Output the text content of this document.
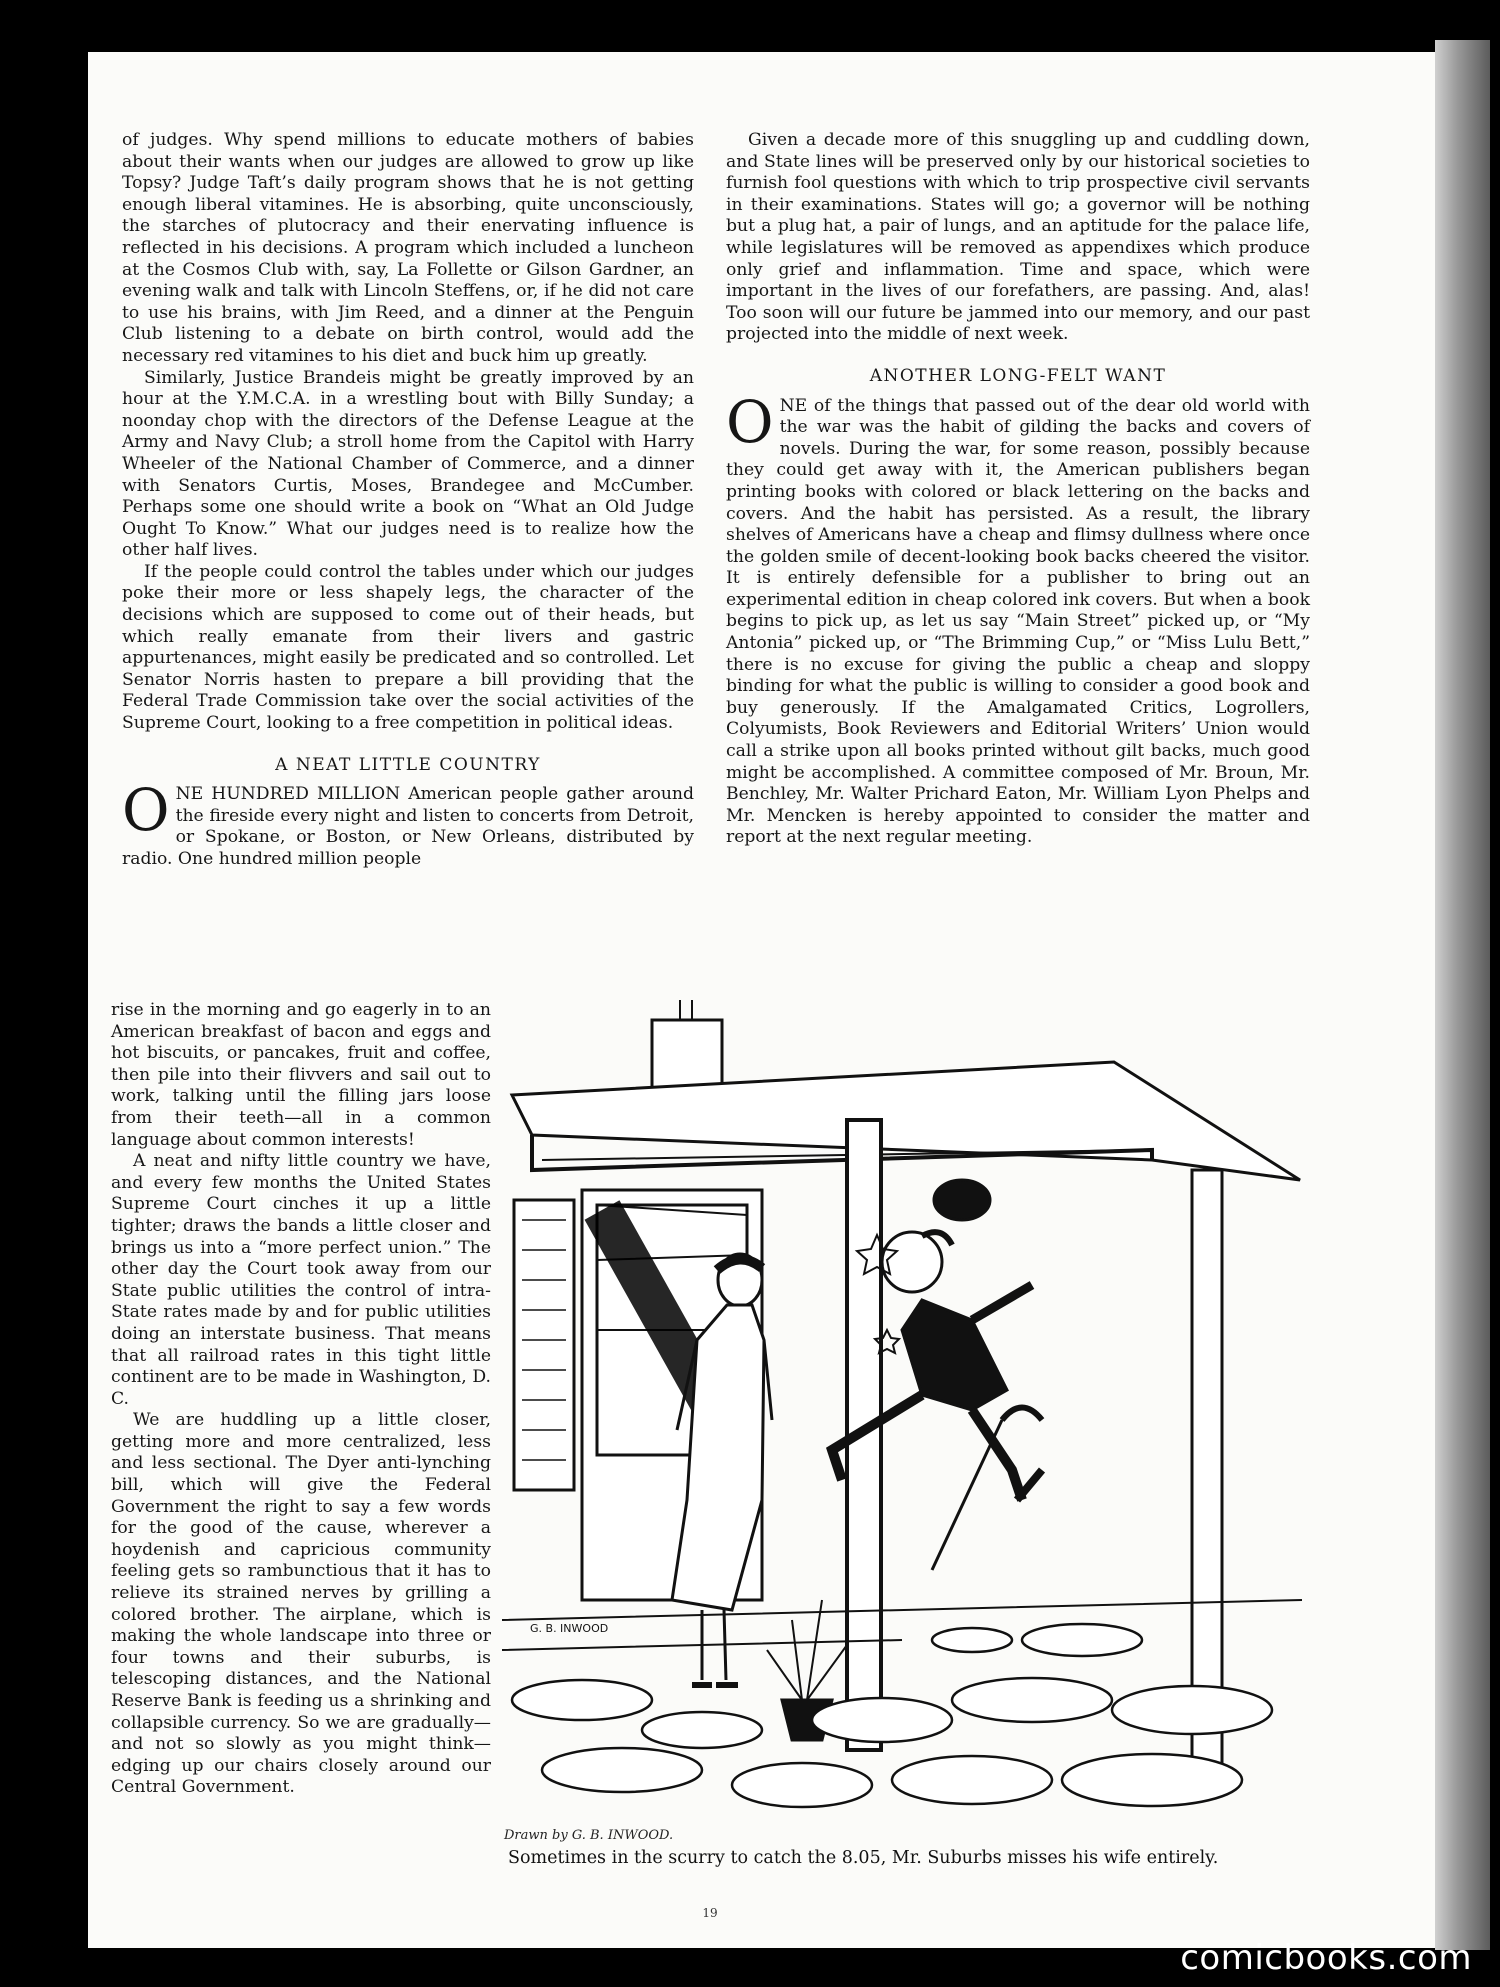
of judges. Why spend millions to educate mothers of babies about their wants when our judges are allowed to grow up like Topsy? Judge Taft’s daily program shows that he is not getting enough liberal vitamines. He is absorbing, quite unconsciously, the starches of plutocracy and their enervating influence is reflected in his decisions. A program which included a luncheon at the Cosmos Club with, say, La Follette or Gilson Gardner, an evening walk and talk with Lincoln Steffens, or, if he did not care to use his brains, with Jim Reed, and a dinner at the Penguin Club listening to a debate on birth control, would add the necessary red vitamines to his diet and buck him up greatly.

Similarly, Justice Brandeis might be greatly improved by an hour at the Y.M.C.A. in a wrestling bout with Billy Sunday; a noonday chop with the directors of the Defense League at the Army and Navy Club; a stroll home from the Capitol with Harry Wheeler of the National Chamber of Commerce, and a dinner with Senators Curtis, Moses, Brandegee and McCumber. Perhaps some one should write a book on “What an Old Judge Ought To Know.” What our judges need is to realize how the other half lives.

If the people could control the tables under which our judges poke their more or less shapely legs, the character of the decisions which are supposed to come out of their heads, but which really emanate from their livers and gastric appurtenances, might easily be predicated and so controlled. Let Senator Norris hasten to prepare a bill providing that the Federal Trade Commission take over the social activities of the Supreme Court, looking to a free competition in political ideas.

A NEAT LITTLE COUNTRY

ONE HUNDRED MILLION American people gather around the fireside every night and listen to concerts from Detroit, or Spokane, or Boston, or New Orleans, distributed by radio. One hundred million people

rise in the morning and go eagerly in to an American breakfast of bacon and eggs and hot biscuits, or pancakes, fruit and coffee, then pile into their flivvers and sail out to work, talking until the filling jars loose from their teeth—all in a common language about common interests!

A neat and nifty little country we have, and every few months the United States Supreme Court cinches it up a little tighter; draws the bands a little closer and brings us into a “more perfect union.” The other day the Court took away from our State public utilities the control of intra-State rates made by and for public utilities doing an interstate business. That means that all railroad rates in this tight little continent are to be made in Washington, D. C.

We are huddling up a little closer, getting more and more centralized, less and less sectional. The Dyer anti-lynching bill, which will give the Federal Government the right to say a few words for the good of the cause, wherever a hoydenish and capricious community feeling gets so rambunctious that it has to relieve its strained nerves by grilling a colored brother. The airplane, which is making the whole landscape into three or four towns and their suburbs, is telescoping distances, and the National Reserve Bank is feeding us a shrinking and collapsible currency. So we are gradually—and not so slowly as you might think—edging up our chairs closely around our Central Government.

Given a decade more of this snuggling up and cuddling down, and State lines will be preserved only by our historical societies to furnish fool questions with which to trip prospective civil servants in their examinations. States will go; a governor will be nothing but a plug hat, a pair of lungs, and an aptitude for the palace life, while legislatures will be removed as appendixes which produce only grief and inflammation. Time and space, which were important in the lives of our forefathers, are passing. And, alas! Too soon will our future be jammed into our memory, and our past projected into the middle of next week.

ANOTHER LONG-FELT WANT

ONE of the things that passed out of the dear old world with the war was the habit of gilding the backs and covers of novels. During the war, for some reason, possibly because they could get away with it, the American publishers began printing books with colored or black lettering on the backs and covers. And the habit has persisted. As a result, the library shelves of Americans have a cheap and flimsy dullness where once the golden smile of decent-looking book backs cheered the visitor. It is entirely defensible for a publisher to bring out an experimental edition in cheap colored ink covers. But when a book begins to pick up, as let us say “Main Street” picked up, or “My Antonia” picked up, or “The Brimming Cup,” or “Miss Lulu Bett,” there is no excuse for giving the public a cheap and sloppy binding for what the public is willing to consider a good book and buy generously. If the Amalgamated Critics, Logrollers, Colyumists, Book Reviewers and Editorial Writers’ Union would call a strike upon all books printed without gilt backs, much good might be accomplished. A committee composed of Mr. Broun, Mr. Benchley, Mr. Walter Prichard Eaton, Mr. William Lyon Phelps and Mr. Mencken is hereby appointed to consider the matter and report at the next regular meeting.

G. B. INWOOD
Drawn by G. B. INWOOD.
Sometimes in the scurry to catch the 8.05, Mr. Suburbs misses his wife entirely.
19
comicbooks.com
